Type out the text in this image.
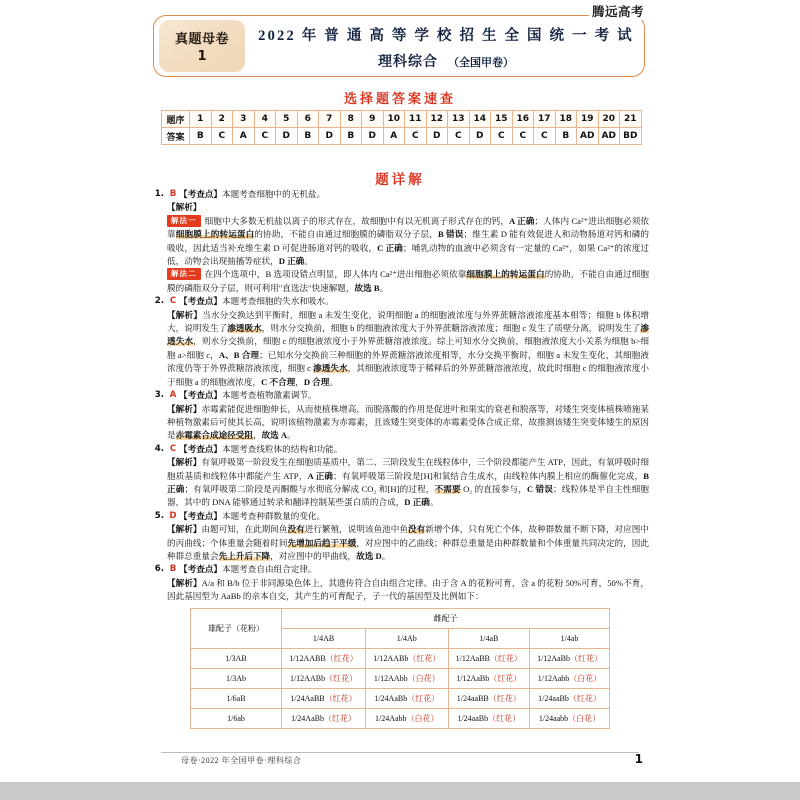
腾远高考
真题母卷
1
2022 年 普 通 高 等 学 校 招 生 全 国 统 一 考 试
理科综合 （全国甲卷）
选择题答案速查
题序	1	2	3	4	5	6	7	8	9	10	11	12	13	14	15	16	17	18	19	20	21
答案	B	C	A	C	D	B	D	B	D	A	C	D	C	D	C	C	C	B	AD	AD	BD
题详解
1. B 【考查点】本题考查细胞中的无机盐。
【解析】
解法一 细胞中大多数无机盐以离子的形式存在，故细胞中有以无机离子形式存在的钙，A 正确；人体内 Ca²⁺进出细胞必须依靠细胞膜上的转运蛋白的协助，不能自由通过细胞膜的磷脂双分子层，B 错误；维生素 D 能有效促进人和动物肠道对钙和磷的吸收，因此适当补充维生素 D 可促进肠道对钙的吸收，C 正确；哺乳动物的血液中必须含有一定量的 Ca²⁺，如果 Ca²⁺的浓度过低，动物会出现抽搐等症状，D 正确。
解法二 在四个选项中，B 选项设错点明显，即人体内 Ca²⁺进出细胞必须依靠细胞膜上的转运蛋白的协助，不能自由通过细胞膜的磷脂双分子层，则可利用"直选法"快速解题，故选 B。
2. C 【考查点】本题考查细胞的失水和吸水。
【解析】当水分交换达到平衡时，细胞 a 未发生变化，说明细胞 a 的细胞液浓度与外界蔗糖溶液浓度基本相等；细胞 b 体积增大，说明发生了渗透吸水，则水分交换前，细胞 b 的细胞液浓度大于外界蔗糖溶液浓度；细胞 c 发生了质壁分离，说明发生了渗透失水，则水分交换前，细胞 c 的细胞液浓度小于外界蔗糖溶液浓度。综上可知水分交换前，细胞液浓度大小关系为细胞 b>细胞 a>细胞 c，A、B 合理；已知水分交换前三种细胞的外界蔗糖溶液浓度相等，水分交换平衡时，细胞 a 未发生变化，其细胞液浓度仍等于外界蔗糖溶液浓度，细胞 c 渗透失水，其细胞液浓度等于稀释后的外界蔗糖溶液浓度，故此时细胞 c 的细胞液浓度小于细胞 a 的细胞液浓度，C 不合理，D 合理。
3. A 【考查点】本题考查植物激素调节。
【解析】赤霉素能促进细胞伸长，从而使植株增高，而脱落酸的作用是促进叶和果实的衰老和脱落等，对矮生突变体植株喷施某种植物激素后可使其长高，说明该植物激素为赤霉素，且该矮生突变体的赤霉素受体合成正常，故推测该矮生突变体矮生的原因是赤霉素合成途径受阻，故选 A。
4. C 【考查点】本题考查线粒体的结构和功能。
【解析】有氧呼吸第一阶段发生在细胞质基质中，第二、三阶段发生在线粒体中，三个阶段都能产生 ATP，因此，有氧呼吸时细胞质基质和线粒体中都能产生 ATP，A 正确；有氧呼吸第三阶段是[H]和氧结合生成水，由线粒体内膜上相应的酶催化完成，B 正确；有氧呼吸第二阶段是丙酮酸与水彻底分解成 CO₂ 和[H]的过程，不需要 O₂ 的直接参与，C 错误；线粒体是半自主性细胞器，其中的 DNA 能够通过转录和翻译控制某些蛋白质的合成，D 正确。
5. D 【考查点】本题考查种群数量的变化。
【解析】由题可知，在此期间鱼没有进行繁殖，说明该鱼池中鱼没有新增个体，只有死亡个体，故种群数量不断下降，对应图中的丙曲线；个体重量会随着时间先增加后趋于平缓，对应图中的乙曲线；种群总重量是由种群数量和个体重量共同决定的，因此种群总重量会先上升后下降，对应图中的甲曲线，故选 D。
6. B 【考查点】本题考查自由组合定律。
【解析】A/a 和 B/b 位于非同源染色体上，其遗传符合自由组合定律。由于含 A 的花粉可育，含 a 的花粉 50%可育，50%不育，因此基因型为 AaBb 的亲本自交，其产生的可育配子，子一代的基因型及比例如下：
雄配子（花粉）	雌配子			
	1/4AB	1/4Ab	1/4aB	1/4ab
1/3AB	1/12AABB（红花）	1/12AABb（红花）	1/12AaBB（红花）	1/12AaBb（红花）
1/3Ab	1/12AABb（红花）	1/12AAbb（白花）	1/12AaBb（红花）	1/12Aabb（白花）
1/6aB	1/24AaBB（红花）	1/24AaBb（红花）	1/24aaBB（红花）	1/24aaBb（红花）
1/6ab	1/24AaBb（红花）	1/24Aabb（白花）	1/24aaBb（红花）	1/24aabb（白花）
母卷·2022 年全国甲卷·理科综合	1
